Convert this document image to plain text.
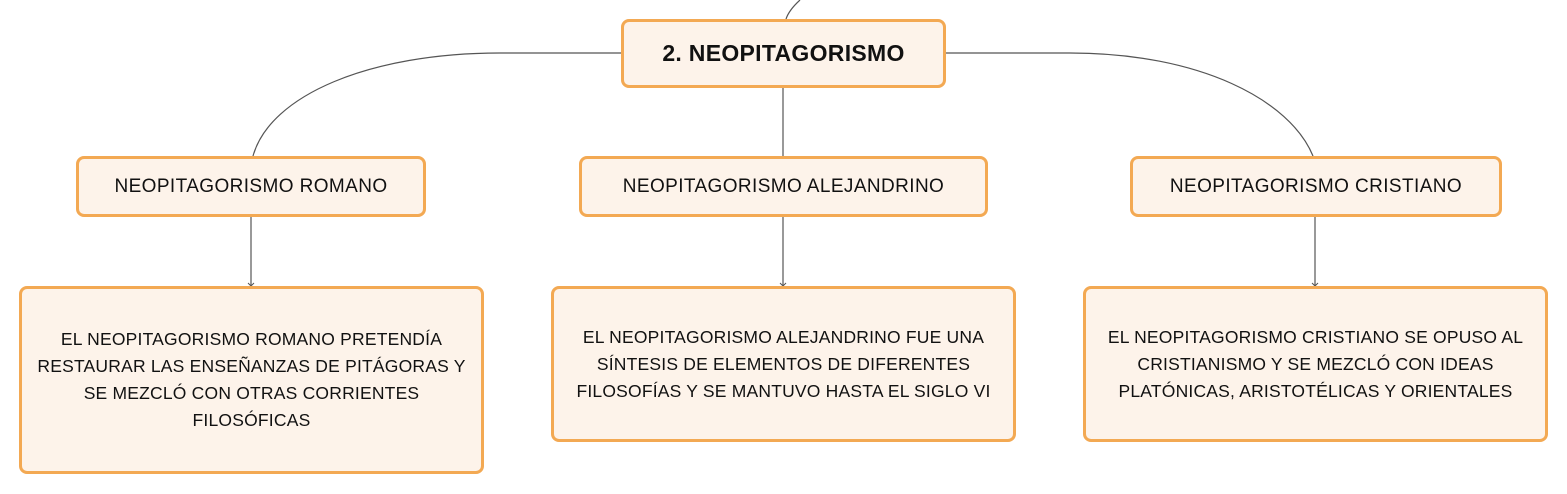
2. NEOPITAGORISMO
NEOPITAGORISMO ROMANO	NEOPITAGORISMO ALEJANDRINO	NEOPITAGORISMO CRISTIANO
EL NEOPITAGORISMO ROMANO PRETENDÍA RESTAURAR LAS ENSEÑANZAS DE PITÁGORAS Y SE MEZCLÓ CON OTRAS CORRIENTES FILOSÓFICAS
EL NEOPITAGORISMO ALEJANDRINO FUE UNA SÍNTESIS DE ELEMENTOS DE DIFERENTES FILOSOFÍAS Y SE MANTUVO HASTA EL SIGLO VI
EL NEOPITAGORISMO CRISTIANO SE OPUSO AL CRISTIANISMO Y SE MEZCLÓ CON IDEAS PLATÓNICAS, ARISTOTÉLICAS Y ORIENTALES
